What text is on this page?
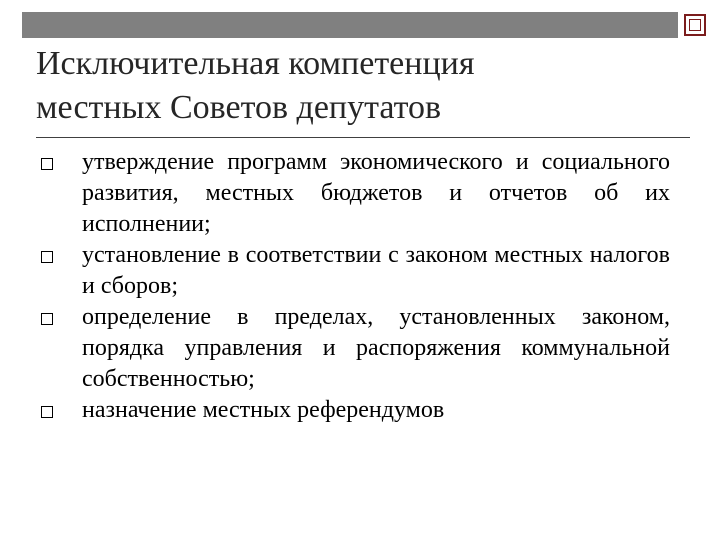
Исключительная компетенция
местных Советов депутатов
утверждение программ экономического и социального развития, местных бюджетов и отчетов об их исполнении;
установление в соответствии с законом местных налогов и сборов;
определение в пределах, установленных законом, порядка управления и распоряжения коммунальной собственностью;
назначение местных референдумов
